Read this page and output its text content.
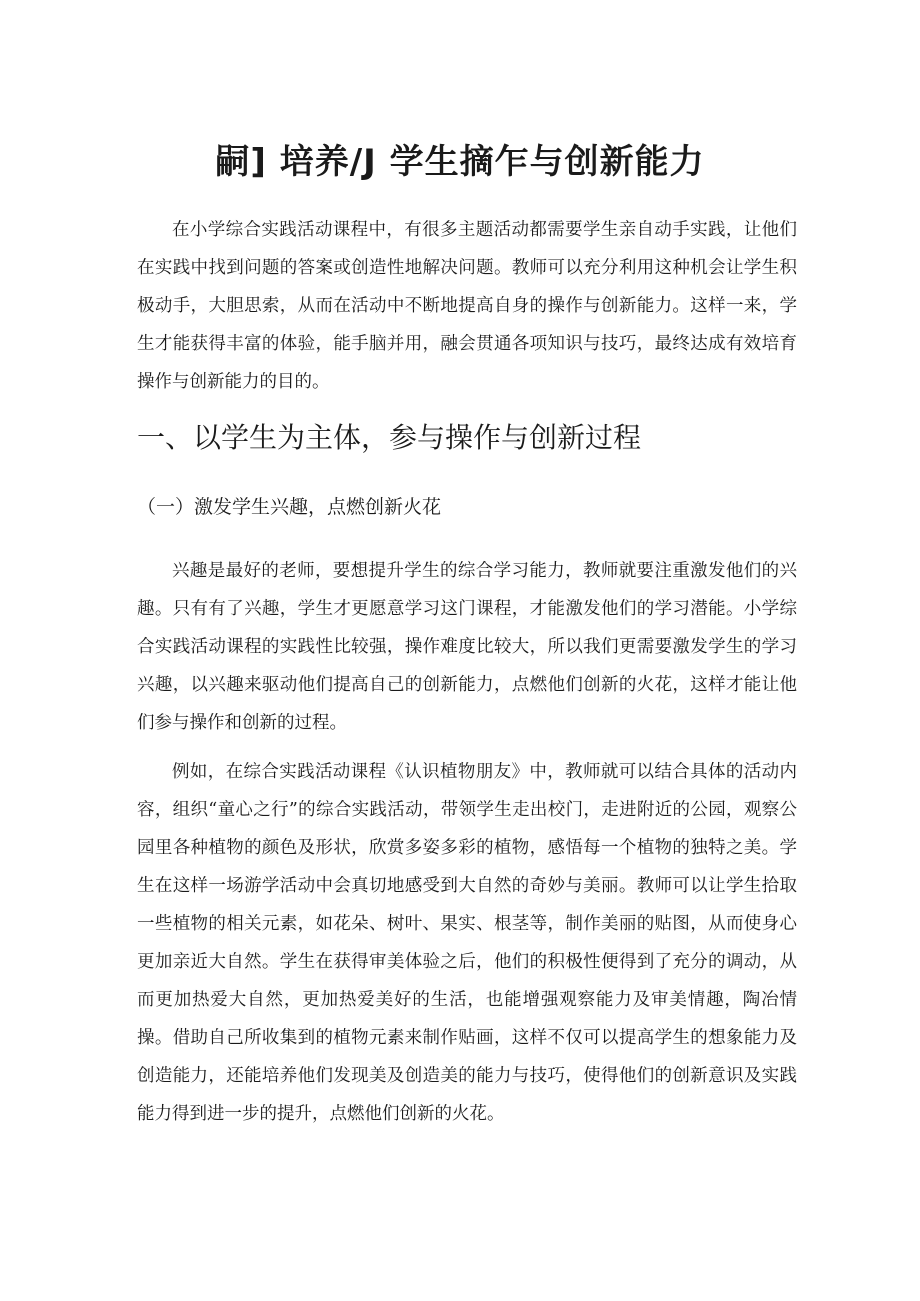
嗣] 培养/J 学生摘乍与创新能力

在小学综合实践活动课程中，有很多主题活动都需要学生亲自动手实践，让他们在实践中找到问题的答案或创造性地解决问题。教师可以充分利用这种机会让学生积极动手，大胆思索，从而在活动中不断地提高自身的操作与创新能力。这样一来，学生才能获得丰富的体验，能手脑并用，融会贯通各项知识与技巧，最终达成有效培育操作与创新能力的目的。

一、以学生为主体，参与操作与创新过程
（一）激发学生兴趣，点燃创新火花

兴趣是最好的老师，要想提升学生的综合学习能力，教师就要注重激发他们的兴趣。只有有了兴趣，学生才更愿意学习这门课程，才能激发他们的学习潜能。小学综合实践活动课程的实践性比较强，操作难度比较大，所以我们更需要激发学生的学习兴趣，以兴趣来驱动他们提高自己的创新能力，点燃他们创新的火花，这样才能让他们参与操作和创新的过程。

例如，在综合实践活动课程《认识植物朋友》中，教师就可以结合具体的活动内容，组织“童心之行”的综合实践活动，带领学生走出校门，走进附近的公园，观察公园里各种植物的颜色及形状，欣赏多姿多彩的植物，感悟每一个植物的独特之美。学生在这样一场游学活动中会真切地感受到大自然的奇妙与美丽。教师可以让学生拾取一些植物的相关元素，如花朵、树叶、果实、根茎等，制作美丽的贴图，从而使身心更加亲近大自然。学生在获得审美体验之后，他们的积极性便得到了充分的调动，从而更加热爱大自然，更加热爱美好的生活，也能增强观察能力及审美情趣，陶冶情操。借助自己所收集到的植物元素来制作贴画，这样不仅可以提高学生的想象能力及创造能力，还能培养他们发现美及创造美的能力与技巧，使得他们的创新意识及实践能力得到进一步的提升，点燃他们创新的火花。
